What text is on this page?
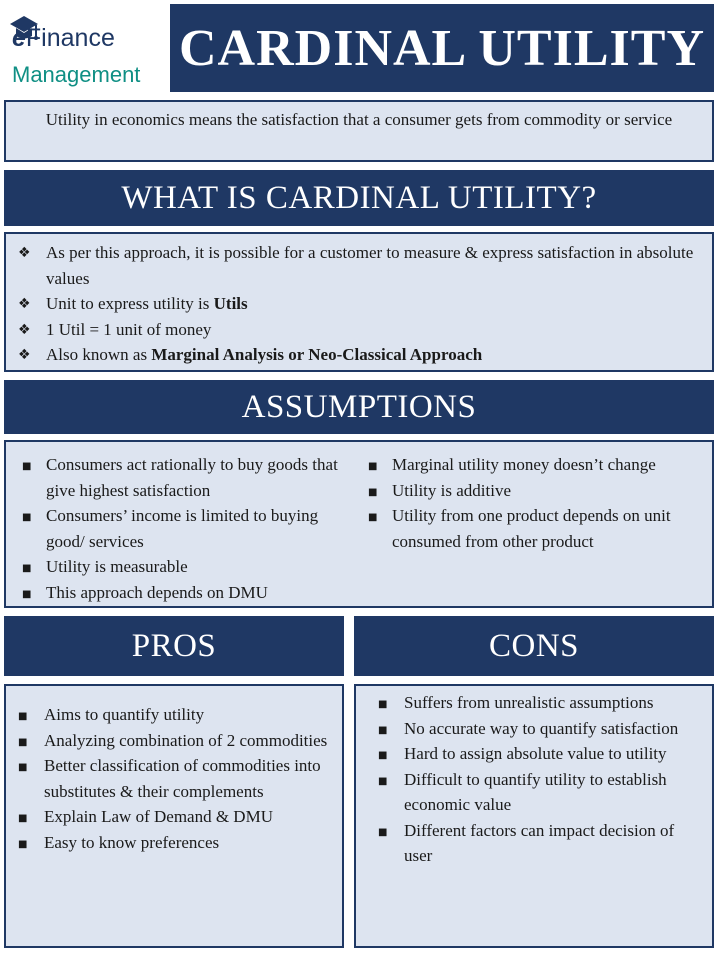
eFinance
Management CARDINAL UTILITY
Utility in economics means the satisfaction that a consumer gets from commodity or service
WHAT IS CARDINAL UTILITY?
❖ As per this approach, it is possible for a customer to measure & express satisfaction in absolute values
❖ Unit to express utility is Utils
❖ 1 Util = 1 unit of money
❖ Also known as Marginal Analysis or Neo-Classical Approach
ASSUMPTIONS
■ Consumers act rationally to buy goods that give highest satisfaction
■ Consumers’ income is limited to buying good/ services
■ Utility is measurable
■ This approach depends on DMU
■ Marginal utility money doesn’t change
■ Utility is additive
■ Utility from one product depends on unit consumed from other product
PROS	CONS
■ Aims to quantify utility
■ Analyzing combination of 2 commodities
■ Better classification of commodities into substitutes & their complements
■ Explain Law of Demand & DMU
■ Easy to know preferences
■ Suffers from unrealistic assumptions
■ No accurate way to quantify satisfaction
■ Hard to assign absolute value to utility
■ Difficult to quantify utility to establish economic value
■ Different factors can impact decision of user
